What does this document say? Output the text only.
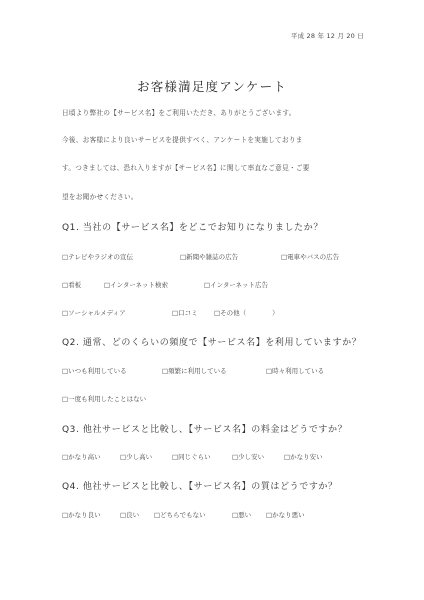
平成 28 年 12 月 20 日
お客様満足度アンケート
日頃より弊社の【サービス名】をご利用いただき、ありがとうございます。
今後、お客様により良いサービスを提供すべく、アンケートを実施しておりま
す。つきましては、恐れ入りますが【サービス名】に関して率直なご意見・ご要
望をお聞かせください。
Q1. 当社の【サービス名】をどこでお知りになりましたか？
□テレビやラジオの宣伝	□新聞や雑誌の広告	□電車やバスの広告
□看板	□インターネット検索	□インターネット広告
□ソーシャルメディア	□口コミ	□その他（　　　　）
Q2. 通常、どのくらいの頻度で【サービス名】を利用していますか？
□いつも利用している	□頻繁に利用している	□時々利用している
□一度も利用したことはない
Q3. 他社サービスと比較し、【サービス名】の料金はどうですか？
□かなり高い	□少し高い	□同じぐらい	□少し安い	□かなり安い
Q4. 他社サービスと比較し、【サービス名】の質はどうですか？
□かなり良い	□良い □どちらでもない	□悪い □かなり悪い
